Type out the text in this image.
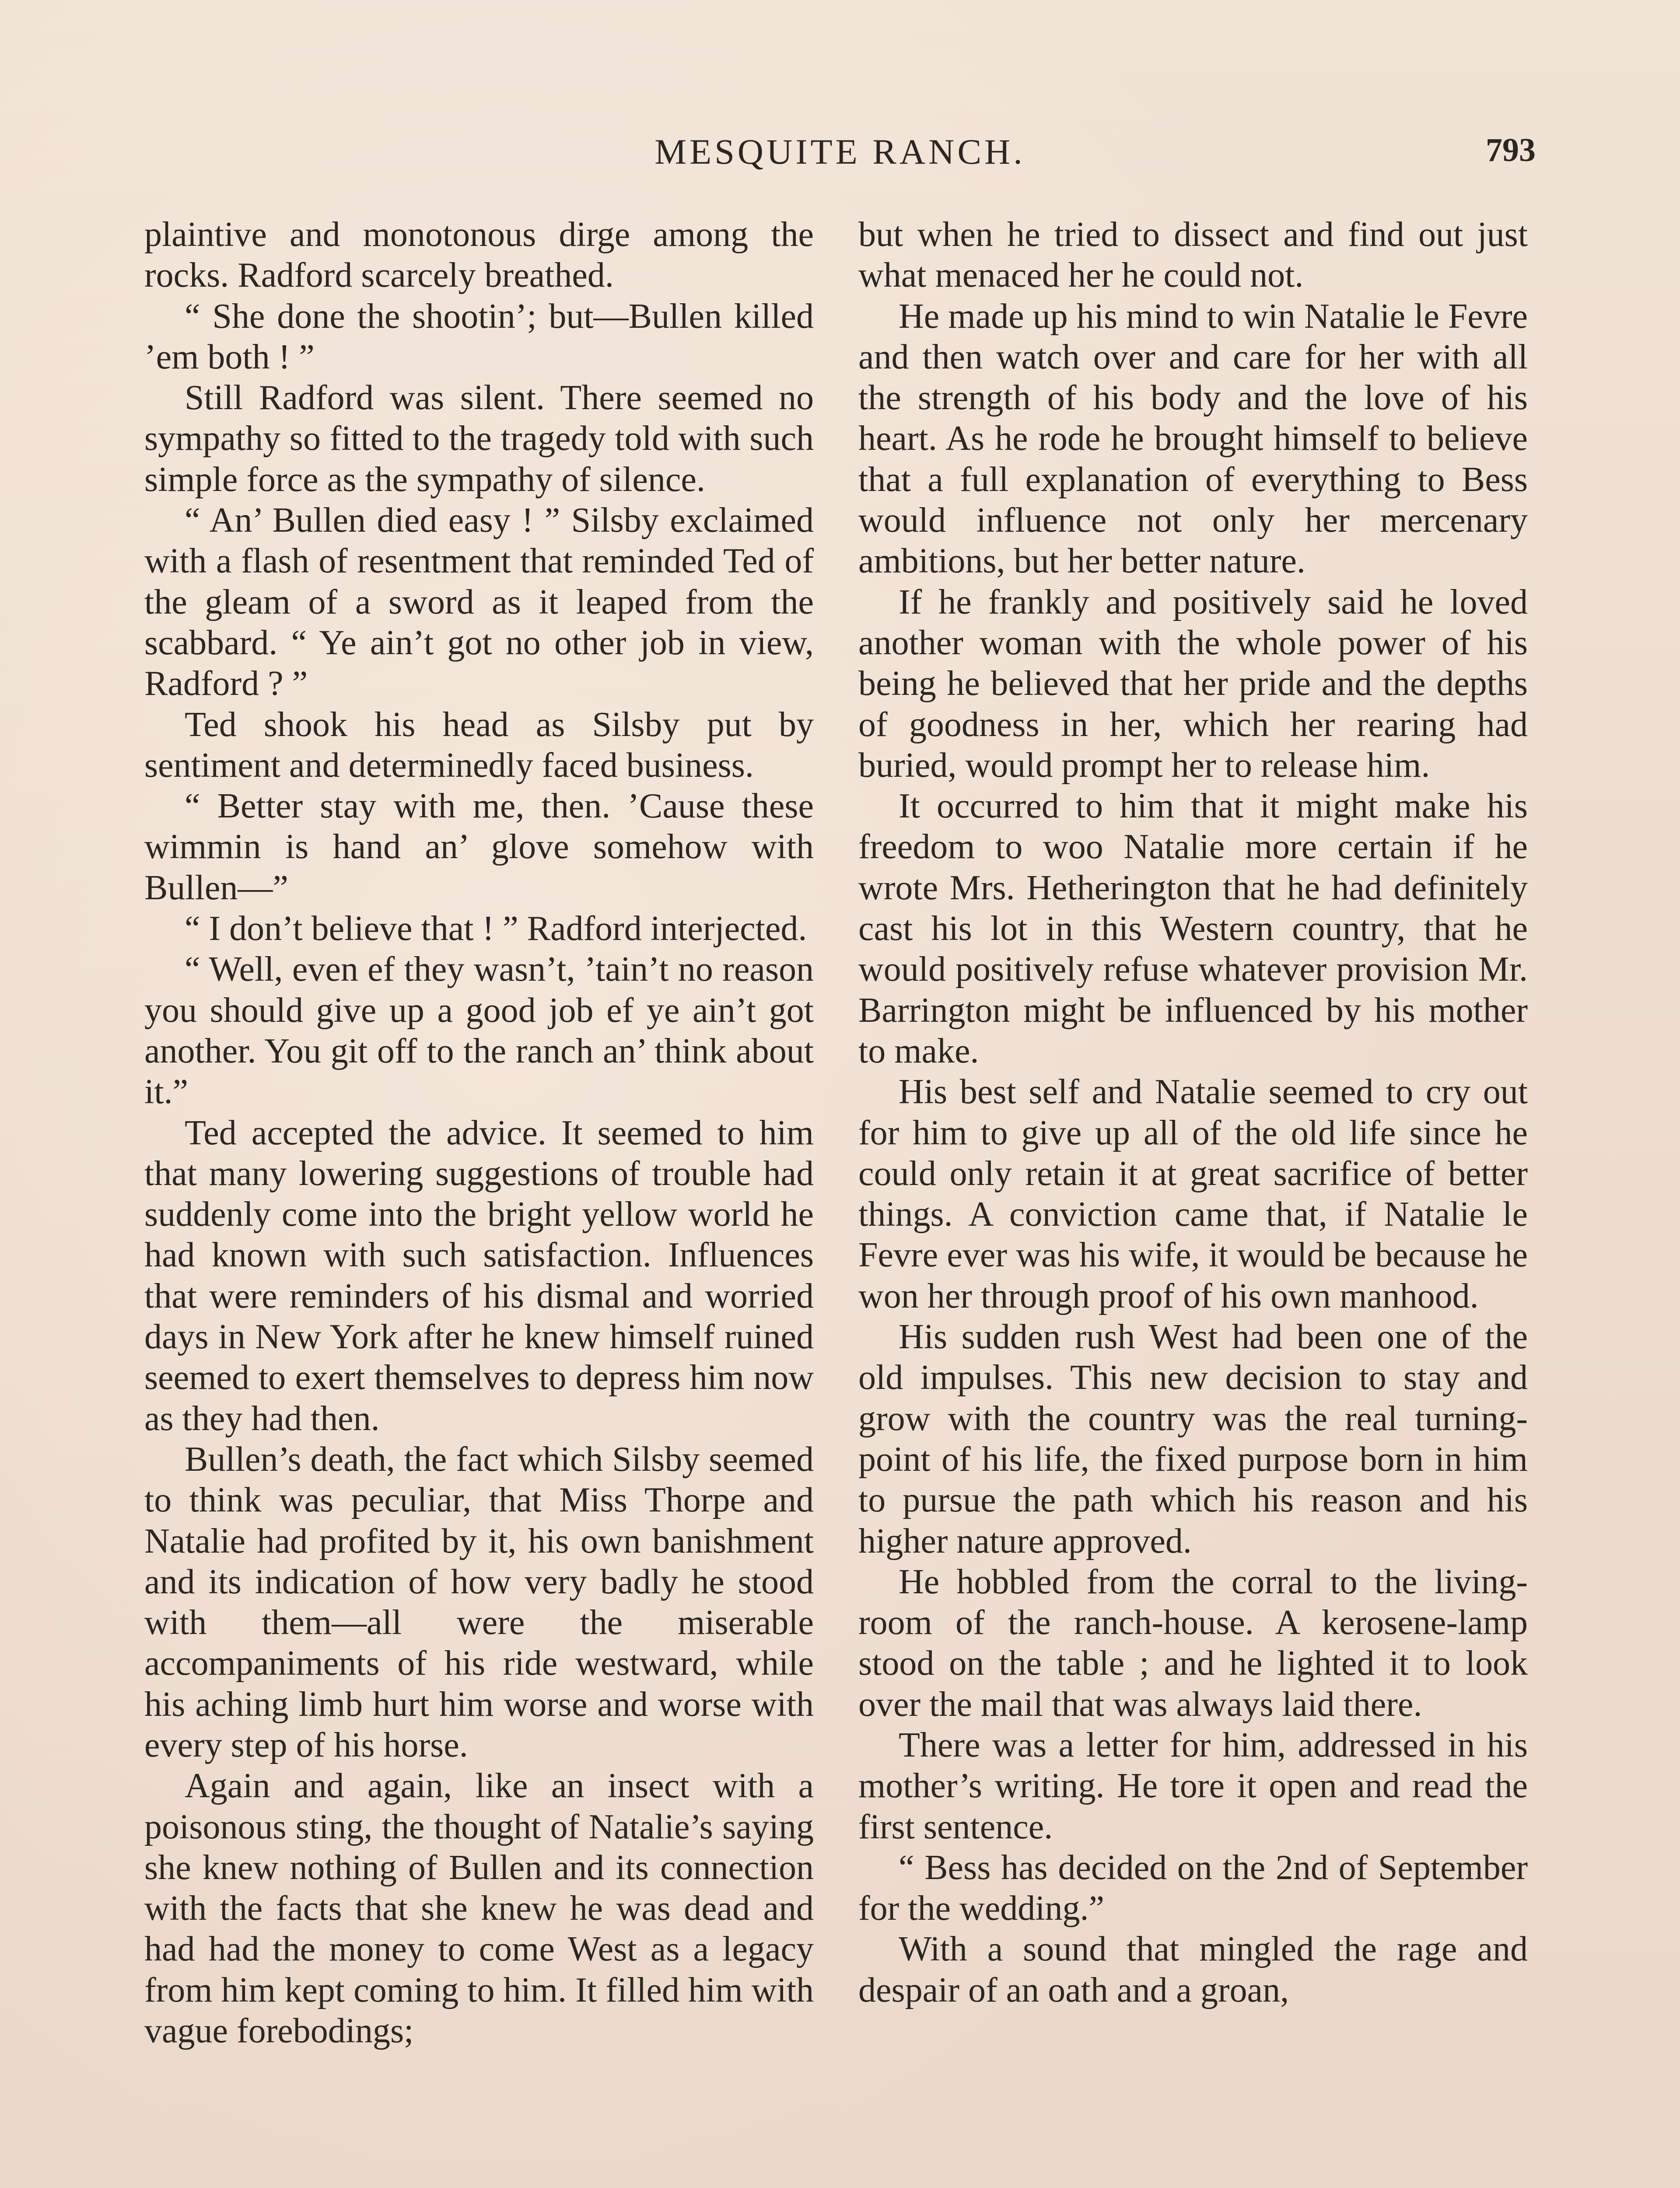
MESQUITE RANCH.	793

plaintive and monotonous dirge among the rocks. Radford scarcely breathed.

“ She done the shootin’; but—Bullen killed ’em both ! ”

Still Radford was silent. There seemed no sympathy so fitted to the tragedy told with such simple force as the sympathy of silence.

“ An’ Bullen died easy ! ” Silsby exclaimed with a flash of resentment that reminded Ted of the gleam of a sword as it leaped from the scabbard. “ Ye ain’t got no other job in view, Radford ? ”

Ted shook his head as Silsby put by sentiment and determinedly faced business.

“ Better stay with me, then. ’Cause these wimmin is hand an’ glove somehow with Bullen—”

“ I don’t believe that ! ” Radford interjected.

“ Well, even ef they wasn’t, ’tain’t no reason you should give up a good job ef ye ain’t got another. You git off to the ranch an’ think about it.”

Ted accepted the advice. It seemed to him that many lowering suggestions of trouble had suddenly come into the bright yellow world he had known with such satisfaction. Influences that were reminders of his dismal and worried days in New York after he knew himself ruined seemed to exert themselves to depress him now as they had then.

Bullen’s death, the fact which Silsby seemed to think was peculiar, that Miss Thorpe and Natalie had profited by it, his own banishment and its indication of how very badly he stood with them—all were the miserable accompaniments of his ride westward, while his aching limb hurt him worse and worse with every step of his horse.

Again and again, like an insect with a poisonous sting, the thought of Natalie’s saying she knew nothing of Bullen and its connection with the facts that she knew he was dead and had had the money to come West as a legacy from him kept coming to him. It filled him with vague forebodings;

but when he tried to dissect and find out just what menaced her he could not.

He made up his mind to win Natalie le Fevre and then watch over and care for her with all the strength of his body and the love of his heart. As he rode he brought himself to believe that a full explanation of everything to Bess would influence not only her mercenary ambitions, but her better nature.

If he frankly and positively said he loved another woman with the whole power of his being he believed that her pride and the depths of goodness in her, which her rearing had buried, would prompt her to release him.

It occurred to him that it might make his freedom to woo Natalie more certain if he wrote Mrs. Hetherington that he had definitely cast his lot in this Western country, that he would positively refuse whatever provision Mr. Barrington might be influenced by his mother to make.

His best self and Natalie seemed to cry out for him to give up all of the old life since he could only retain it at great sacrifice of better things. A conviction came that, if Natalie le Fevre ever was his wife, it would be because he won her through proof of his own manhood.

His sudden rush West had been one of the old impulses. This new decision to stay and grow with the country was the real turning-point of his life, the fixed purpose born in him to pursue the path which his reason and his higher nature approved.

He hobbled from the corral to the living-room of the ranch-house. A kerosene-lamp stood on the table ; and he lighted it to look over the mail that was always laid there.

There was a letter for him, addressed in his mother’s writing. He tore it open and read the first sentence.

“ Bess has decided on the 2nd of September for the wedding.”

With a sound that mingled the rage and despair of an oath and a groan,
